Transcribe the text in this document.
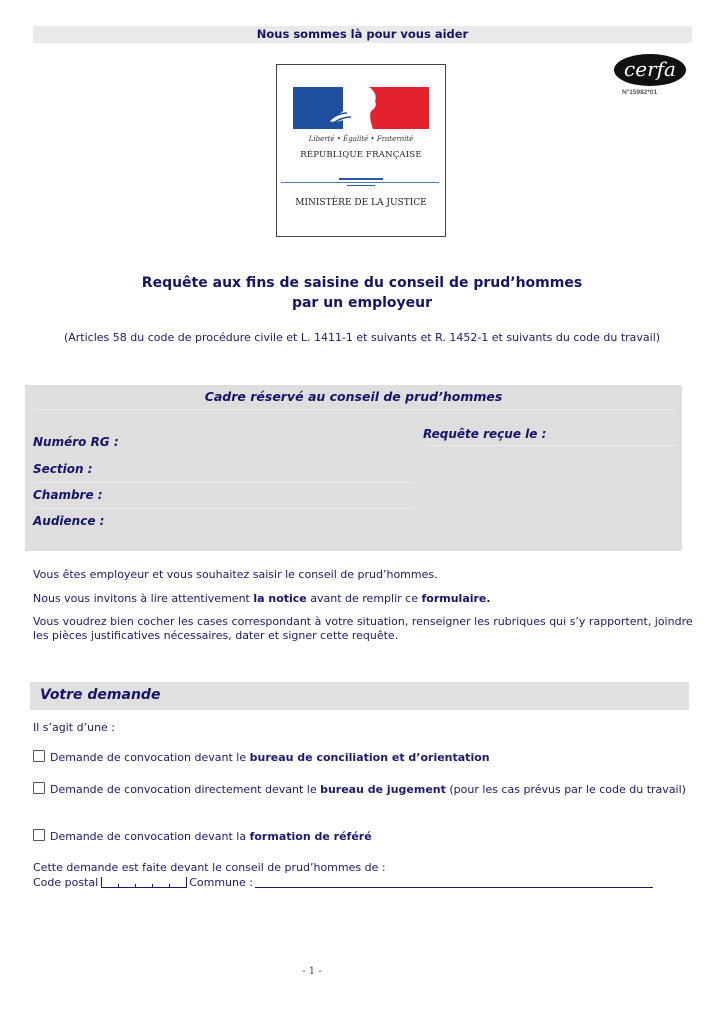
Nous sommes là pour vous aider
cerfa
N°15982*01
Liberté • Égalité • Fraternité
RÉPUBLIQUE FRANÇAISE
MINISTÈRE DE LA JUSTICE
Requête aux fins de saisine du conseil de prud’hommes
par un employeur
(Articles 58 du code de procédure civile et L. 1411-1 et suivants et R. 1452-1 et suivants du code du travail)
Cadre réservé au conseil de prud’hommes
Numéro RG :
Requête reçue le :
Section :
Chambre :
Audience :
Vous êtes employeur et vous souhaitez saisir le conseil de prud’hommes.
Nous vous invitons à lire attentivement la notice avant de remplir ce formulaire.
Vous voudrez bien cocher les cases correspondant à votre situation, renseigner les rubriques qui s’y rapportent, joindre les pièces justificatives nécessaires, dater et signer cette requête.
Votre demande
Il s’agit d’une :
Demande de convocation devant le bureau de conciliation et d’orientation
Demande de convocation directement devant le bureau de jugement (pour les cas prévus par le code du travail)
Demande de convocation devant la formation de référé
Cette demande est faite devant le conseil de prud’hommes de :
Code postal	Commune :
- 1 -
